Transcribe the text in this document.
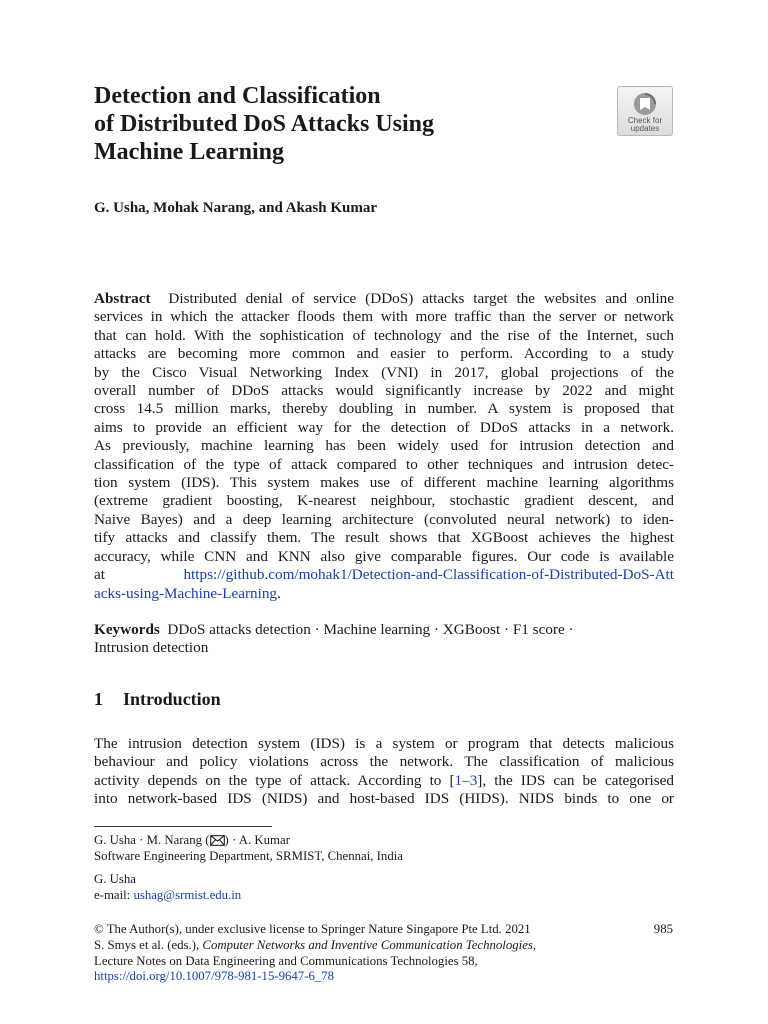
Detection and Classification
of Distributed DoS Attacks Using
Machine Learning
Check for
updates
G. Usha, Mohak Narang, and Akash Kumar
Abstract Distributed denial of service (DDoS) attacks target the websites and online
services in which the attacker floods them with more traffic than the server or network
that can hold. With the sophistication of technology and the rise of the Internet, such
attacks are becoming more common and easier to perform. According to a study
by the Cisco Visual Networking Index (VNI) in 2017, global projections of the
overall number of DDoS attacks would significantly increase by 2022 and might
cross 14.5 million marks, thereby doubling in number. A system is proposed that
aims to provide an efficient way for the detection of DDoS attacks in a network.
As previously, machine learning has been widely used for intrusion detection and
classification of the type of attack compared to other techniques and intrusion detec-
tion system (IDS). This system makes use of different machine learning algorithms
(extreme gradient boosting, K-nearest neighbour, stochastic gradient descent, and
Naive Bayes) and a deep learning architecture (convoluted neural network) to iden-
tify attacks and classify them. The result shows that XGBoost achieves the highest
accuracy, while CNN and KNN also give comparable figures. Our code is available
at	https://github.com/mohak1/Detection-and-Classification-of-Distributed-DoS-Att
acks-using-Machine-Learning.
Keywords DDoS attacks detection · Machine learning · XGBoost · F1 score ·
Intrusion detection
1 Introduction
The intrusion detection system (IDS) is a system or program that detects malicious
behaviour and policy violations across the network. The classification of malicious
activity depends on the type of attack. According to [1–3], the IDS can be categorised
into network-based IDS (NIDS) and host-based IDS (HIDS). NIDS binds to one or
G. Usha · M. Narang ( ) · A. Kumar
Software Engineering Department, SRMIST, Chennai, India
G. Usha
e-mail: ushag@srmist.edu.in
© The Author(s), under exclusive license to Springer Nature Singapore Pte Ltd. 2021
S. Smys et al. (eds.), Computer Networks and Inventive Communication Technologies,
Lecture Notes on Data Engineering and Communications Technologies 58,
https://doi.org/10.1007/978-981-15-9647-6_78
985
